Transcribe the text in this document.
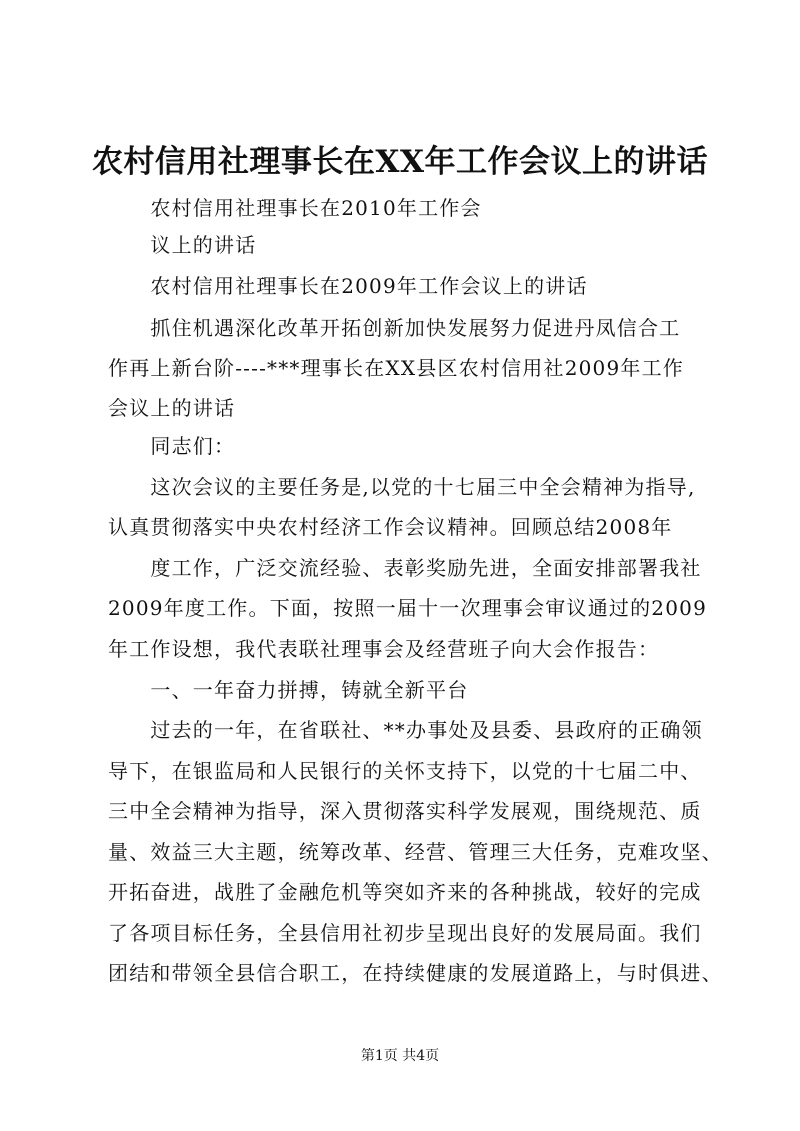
农村信用社理事长在XX年工作会议上的讲话
　　农村信用社理事长在2010年工作会
　　议上的讲话
　　农村信用社理事长在2009年工作会议上的讲话
　　抓住机遇深化改革开拓创新加快发展努力促进丹凤信合工
作再上新台阶----***理事长在XX县区农村信用社2009年工作
会议上的讲话
　　同志们：
　　这次会议的主要任务是,以党的十七届三中全会精神为指导,
认真贯彻落实中央农村经济工作会议精神。回顾总结2008年
　　度工作，广泛交流经验、表彰奖励先进，全面安排部署我社
2009年度工作。下面，按照一届十一次理事会审议通过的2009
年工作设想，我代表联社理事会及经营班子向大会作报告：
　　一、一年奋力拼搏，铸就全新平台
　　过去的一年，在省联社、**办事处及县委、县政府的正确领
导下，在银监局和人民银行的关怀支持下，以党的十七届二中、
三中全会精神为指导，深入贯彻落实科学发展观，围绕规范、质
量、效益三大主题，统筹改革、经营、管理三大任务，克难攻坚、
开拓奋进，战胜了金融危机等突如齐来的各种挑战，较好的完成
了各项目标任务，全县信用社初步呈现出良好的发展局面。我们
团结和带领全县信合职工，在持续健康的发展道路上，与时俱进、
第1页 共4页
